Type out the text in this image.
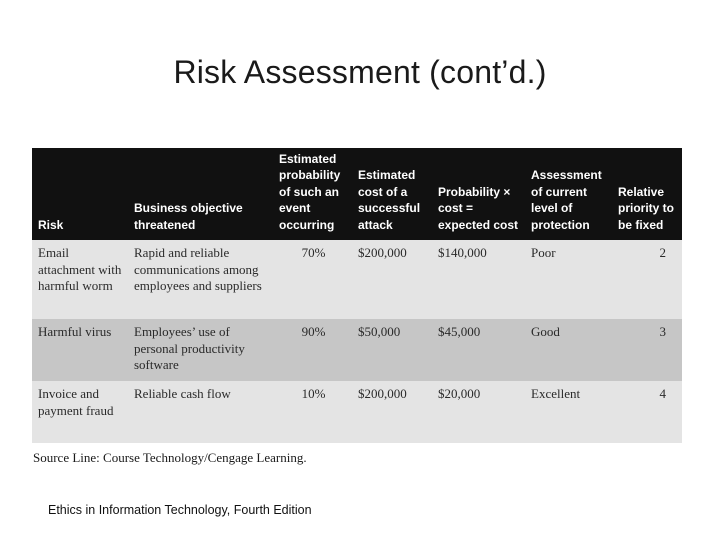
Risk Assessment (cont’d.)
Risk	Business objective threatened	Estimated probability of such an event occurring	Estimated cost of a successful attack	Probability × cost = expected cost	Assessment of current level of protection	Relative priority to be fixed
Email attachment with harmful worm	Rapid and reliable communications among employees and suppliers	70%	$200,000	$140,000	Poor	2
Harmful virus	Employees’ use of personal productivity software	90%	$50,000	$45,000	Good	3
Invoice and payment fraud	Reliable cash flow	10%	$200,000	$20,000	Excellent	4
Source Line: Course Technology/Cengage Learning.
Ethics in Information Technology, Fourth Edition
